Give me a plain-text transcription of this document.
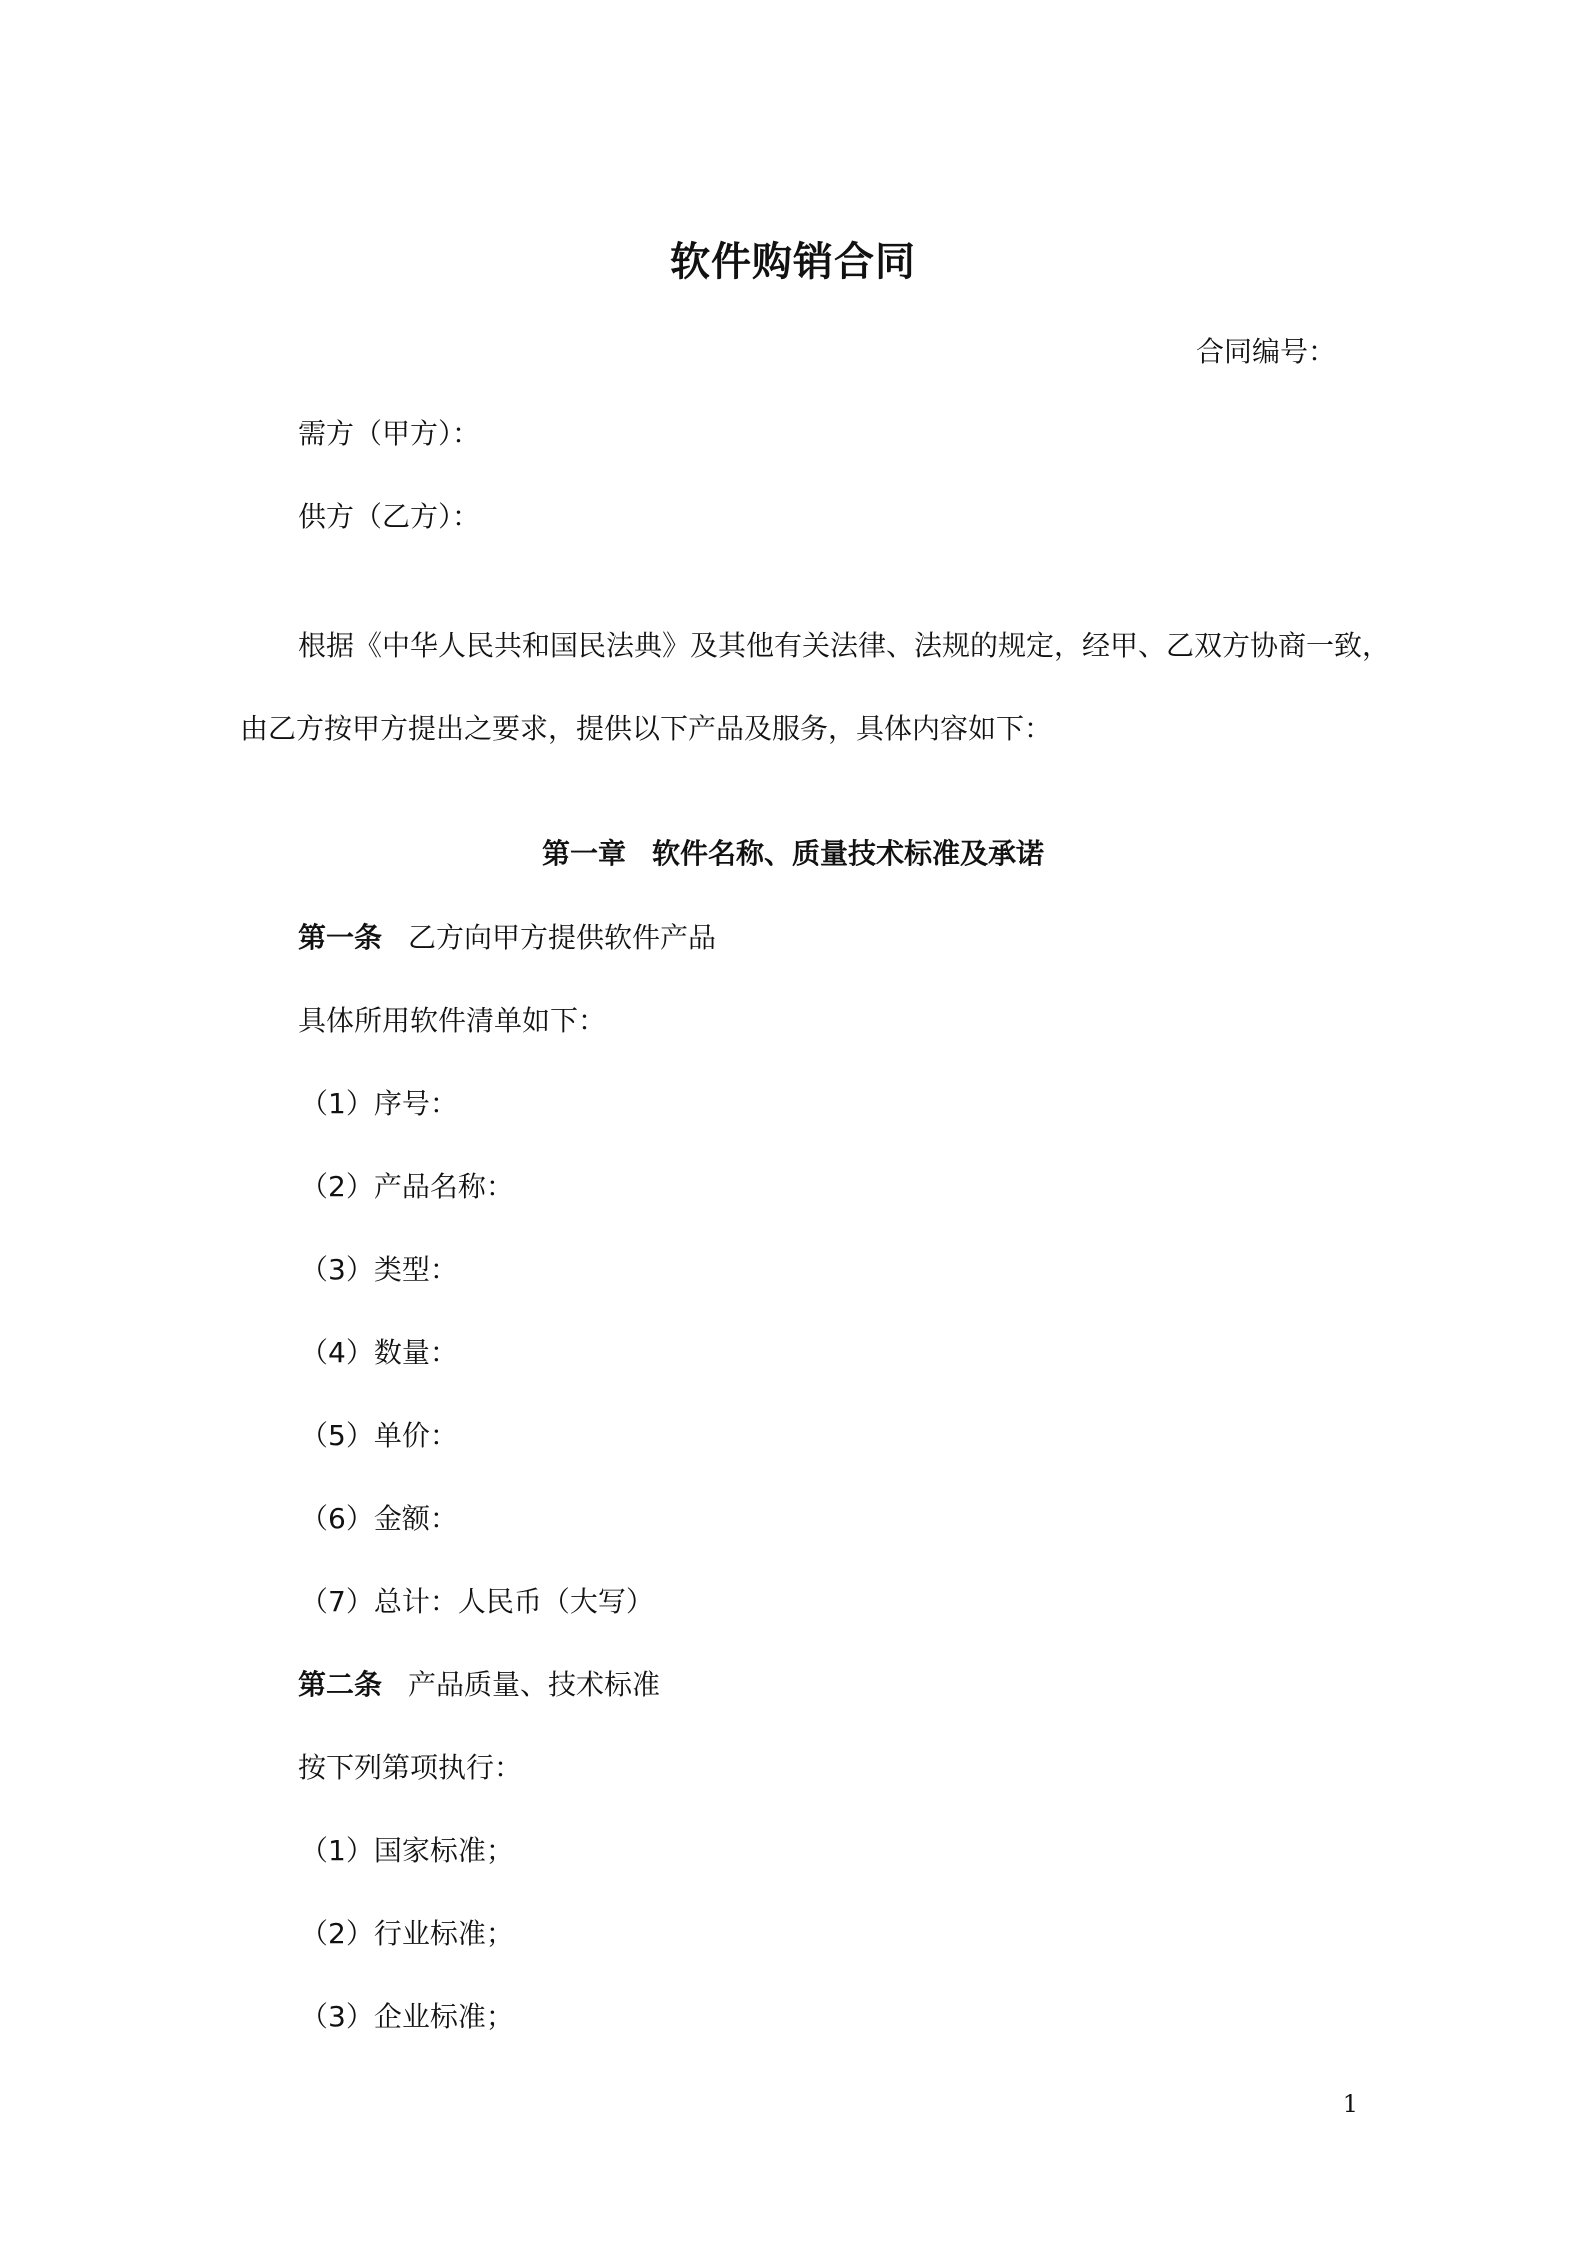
软件购销合同
合同编号：
需方（甲方）：
供方（乙方）：
根据《中华人民共和国民法典》及其他有关法律、法规的规定，经甲、乙双方协商一致，
由乙方按甲方提出之要求，提供以下产品及服务，具体内容如下：
第一章 软件名称、质量技术标准及承诺
第一条 乙方向甲方提供软件产品
具体所用软件清单如下：
（1）序号：
（2）产品名称：
（3）类型：
（4）数量：
（5）单价：
（6）金额：
（7）总计：人民币（大写）
第二条 产品质量、技术标准
按下列第项执行：
（1）国家标准；
（2）行业标准；
（3）企业标准；
1
